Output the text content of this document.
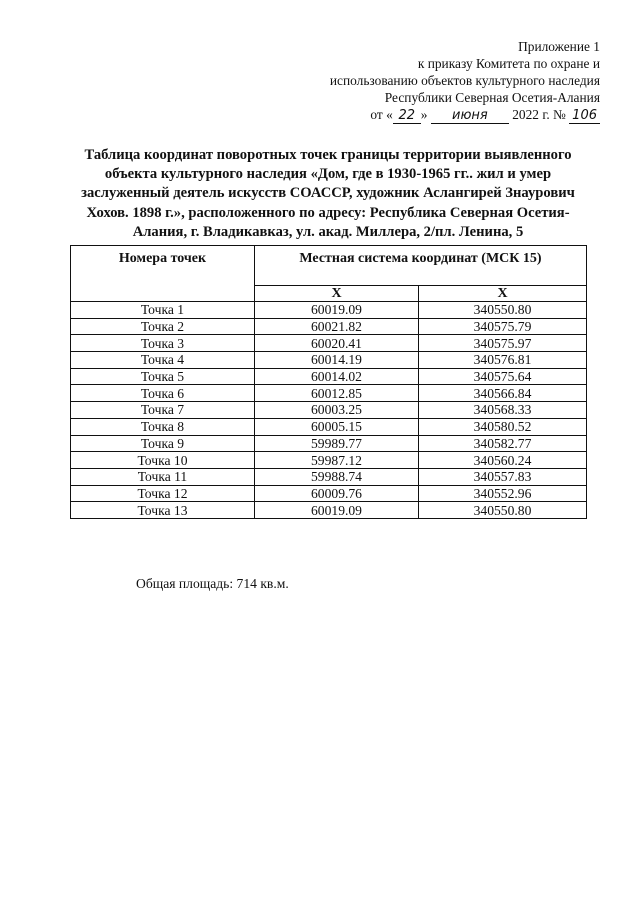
Приложение 1
к приказу Комитета по охране и
использованию объектов культурного наследия
Республики Северная Осетия-Алания
от « 22 » июня 2022 г. № 106
Таблица координат поворотных точек границы территории выявленного объекта культурного наследия «Дом, где в 1930-1965 гг.. жил и умер заслуженный деятель искусств СОАССР, художник Аслангирей Знаурович Хохов. 1898 г.», расположенного по адресу: Республика Северная Осетия-Алания, г. Владикавказ, ул. акад. Миллера, 2/пл. Ленина, 5
Номера точек	Местная система координат (МСК 15)	
	X	X
Точка 1	60019.09	340550.80
Точка 2	60021.82	340575.79
Точка 3	60020.41	340575.97
Точка 4	60014.19	340576.81
Точка 5	60014.02	340575.64
Точка 6	60012.85	340566.84
Точка 7	60003.25	340568.33
Точка 8	60005.15	340580.52
Точка 9	59989.77	340582.77
Точка 10	59987.12	340560.24
Точка 11	59988.74	340557.83
Точка 12	60009.76	340552.96
Точка 13	60019.09	340550.80
Общая площадь: 714 кв.м.
